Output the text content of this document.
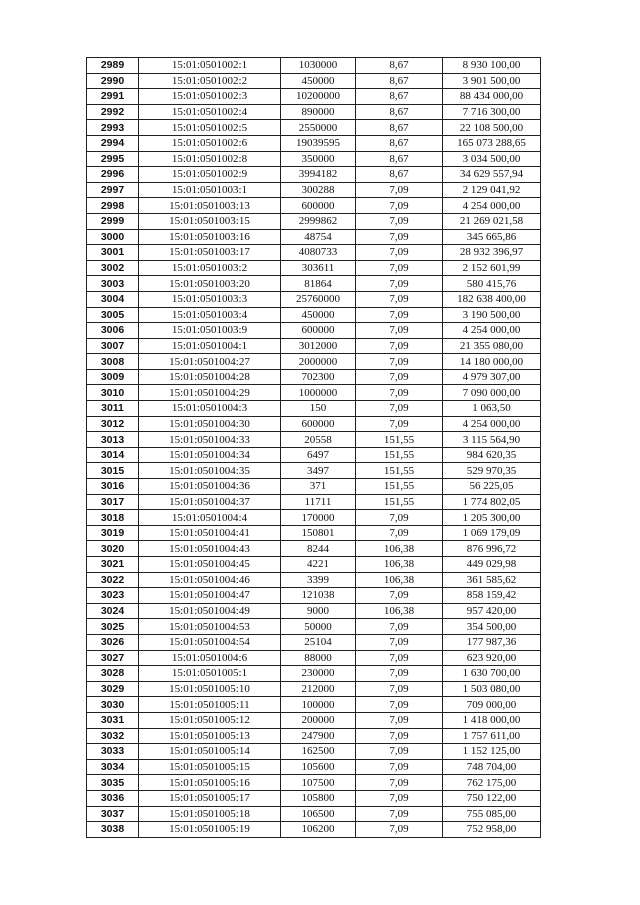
2989	15:01:0501002:1	1030000	8,67	8 930 100,00
2990	15:01:0501002:2	450000	8,67	3 901 500,00
2991	15:01:0501002:3	10200000	8,67	88 434 000,00
2992	15:01:0501002:4	890000	8,67	7 716 300,00
2993	15:01:0501002:5	2550000	8,67	22 108 500,00
2994	15:01:0501002:6	19039595	8,67	165 073 288,65
2995	15:01:0501002:8	350000	8,67	3 034 500,00
2996	15:01:0501002:9	3994182	8,67	34 629 557,94
2997	15:01:0501003:1	300288	7,09	2 129 041,92
2998	15:01:0501003:13	600000	7,09	4 254 000,00
2999	15:01:0501003:15	2999862	7,09	21 269 021,58
3000	15:01:0501003:16	48754	7,09	345 665,86
3001	15:01:0501003:17	4080733	7,09	28 932 396,97
3002	15:01:0501003:2	303611	7,09	2 152 601,99
3003	15:01:0501003:20	81864	7,09	580 415,76
3004	15:01:0501003:3	25760000	7,09	182 638 400,00
3005	15:01:0501003:4	450000	7,09	3 190 500,00
3006	15:01:0501003:9	600000	7,09	4 254 000,00
3007	15:01:0501004:1	3012000	7,09	21 355 080,00
3008	15:01:0501004:27	2000000	7,09	14 180 000,00
3009	15:01:0501004:28	702300	7,09	4 979 307,00
3010	15:01:0501004:29	1000000	7,09	7 090 000,00
3011	15:01:0501004:3	150	7,09	1 063,50
3012	15:01:0501004:30	600000	7,09	4 254 000,00
3013	15:01:0501004:33	20558	151,55	3 115 564,90
3014	15:01:0501004:34	6497	151,55	984 620,35
3015	15:01:0501004:35	3497	151,55	529 970,35
3016	15:01:0501004:36	371	151,55	56 225,05
3017	15:01:0501004:37	11711	151,55	1 774 802,05
3018	15:01:0501004:4	170000	7,09	1 205 300,00
3019	15:01:0501004:41	150801	7,09	1 069 179,09
3020	15:01:0501004:43	8244	106,38	876 996,72
3021	15:01:0501004:45	4221	106,38	449 029,98
3022	15:01:0501004:46	3399	106,38	361 585,62
3023	15:01:0501004:47	121038	7,09	858 159,42
3024	15:01:0501004:49	9000	106,38	957 420,00
3025	15:01:0501004:53	50000	7,09	354 500,00
3026	15:01:0501004:54	25104	7,09	177 987,36
3027	15:01:0501004:6	88000	7,09	623 920,00
3028	15:01:0501005:1	230000	7,09	1 630 700,00
3029	15:01:0501005:10	212000	7,09	1 503 080,00
3030	15:01:0501005:11	100000	7,09	709 000,00
3031	15:01:0501005:12	200000	7,09	1 418 000,00
3032	15:01:0501005:13	247900	7,09	1 757 611,00
3033	15:01:0501005:14	162500	7,09	1 152 125,00
3034	15:01:0501005:15	105600	7,09	748 704,00
3035	15:01:0501005:16	107500	7,09	762 175,00
3036	15:01:0501005:17	105800	7,09	750 122,00
3037	15:01:0501005:18	106500	7,09	755 085,00
3038	15:01:0501005:19	106200	7,09	752 958,00
